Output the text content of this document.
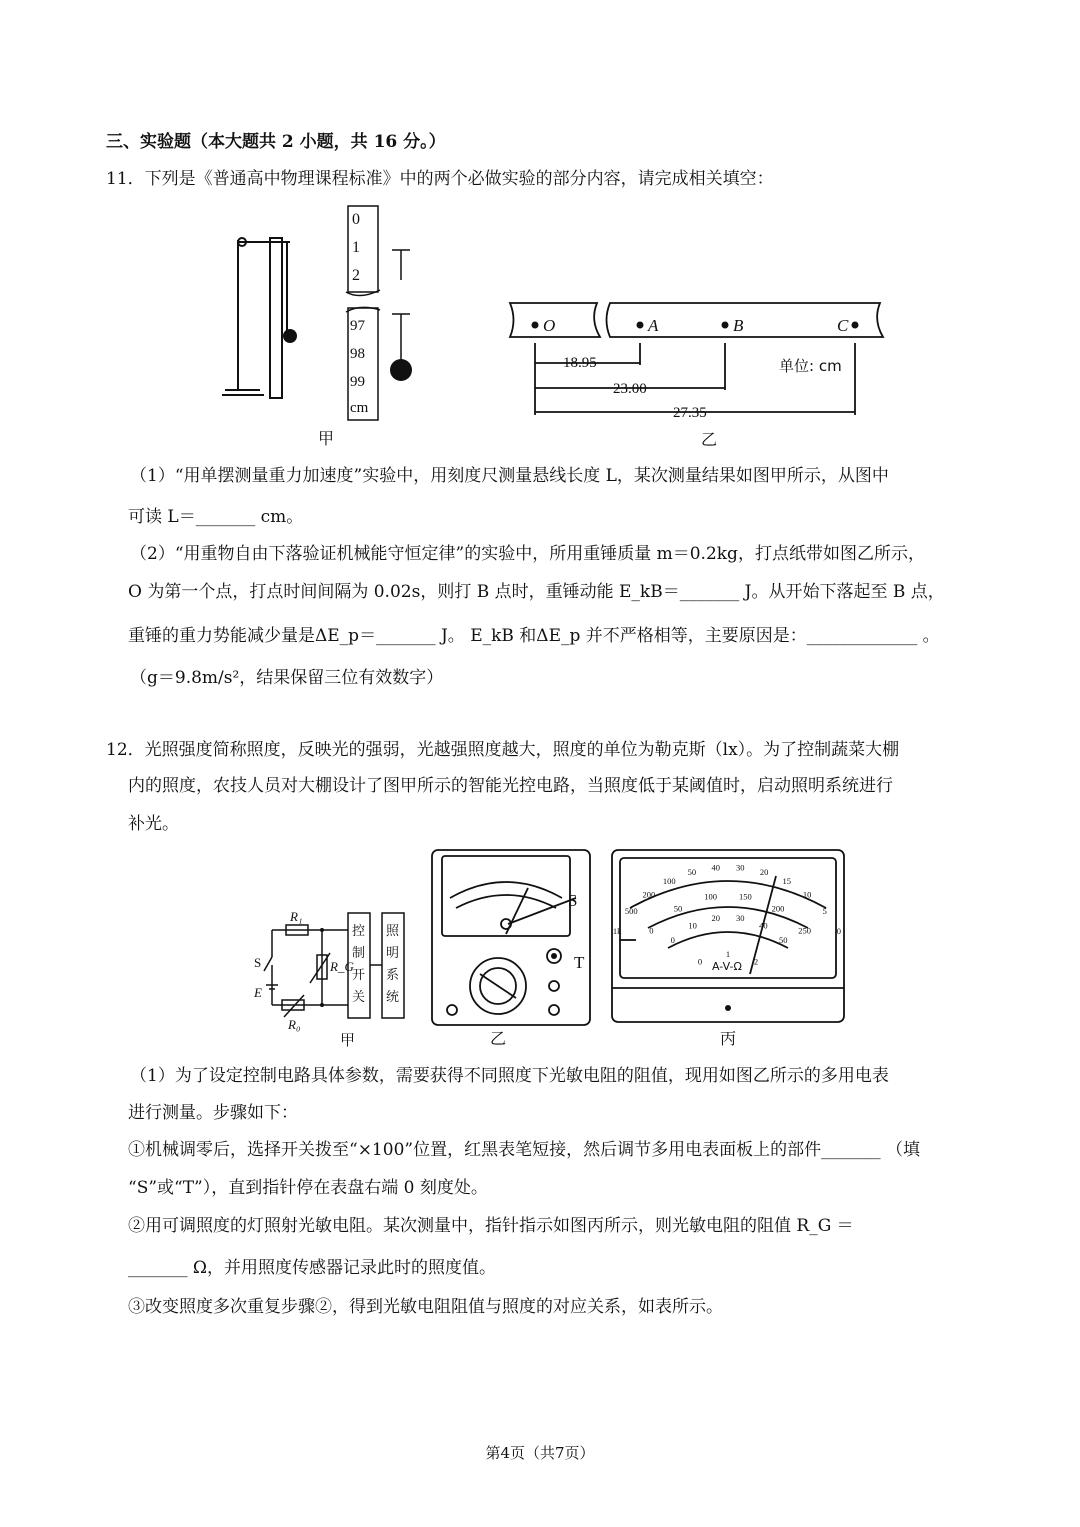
三、实验题（本大题共 2 小题，共 16 分。）
11．下列是《普通高中物理课程标准》中的两个必做实验的部分内容，请完成相关填空：
0
1
2
97
98
99
cm
甲
O	A	B	C
单位: cm
18.95
23.00
27.35
乙
（1）“用单摆测量重力加速度”实验中，用刻度尺测量悬线长度 L，某次测量结果如图甲所示，从图中
可读 L＝_______ cm。
（2）“用重物自由下落验证机械能守恒定律”的实验中，所用重锤质量 m＝0.2kg，打点纸带如图乙所示，
O 为第一个点，打点时间间隔为 0.02s，则打 B 点时，重锤动能 E_kB＝_______ J。从开始下落起至 B 点，
重锤的重力势能减少量是ΔE_p＝_______ J。 E_kB 和ΔE_p 并不严格相等，主要原因是：_____________ 。
（g＝9.8m/s²，结果保留三位有效数字）
12．光照强度简称照度，反映光的强弱，光越强照度越大，照度的单位为勒克斯（lx）。为了控制蔬菜大棚
内的照度，农技人员对大棚设计了图甲所示的智能光控电路，当照度低于某阈值时，启动照明系统进行
补光。
R₁
R_G
R₀
S
E
控
制
开
关
照
明
系
统
甲
S
T
乙
1k
500
200
100
50 40 30 20
15
10
5
0
0
50
100	150
200
250
0
10
20 30
40
50
0
1
2
A-V-Ω
丙
（1）为了设定控制电路具体参数，需要获得不同照度下光敏电阻的阻值，现用如图乙所示的多用电表
进行测量。步骤如下：
①机械调零后，选择开关拨至“×100”位置，红黑表笔短接，然后调节多用电表面板上的部件_______ （填
“S”或“T”），直到指针停在表盘右端 0 刻度处。
②用可调照度的灯照射光敏电阻。某次测量中，指针指示如图丙所示，则光敏电阻的阻值 R_G ＝
_______ Ω，并用照度传感器记录此时的照度值。
③改变照度多次重复步骤②，得到光敏电阻阻值与照度的对应关系，如表所示。
第4页（共7页）
